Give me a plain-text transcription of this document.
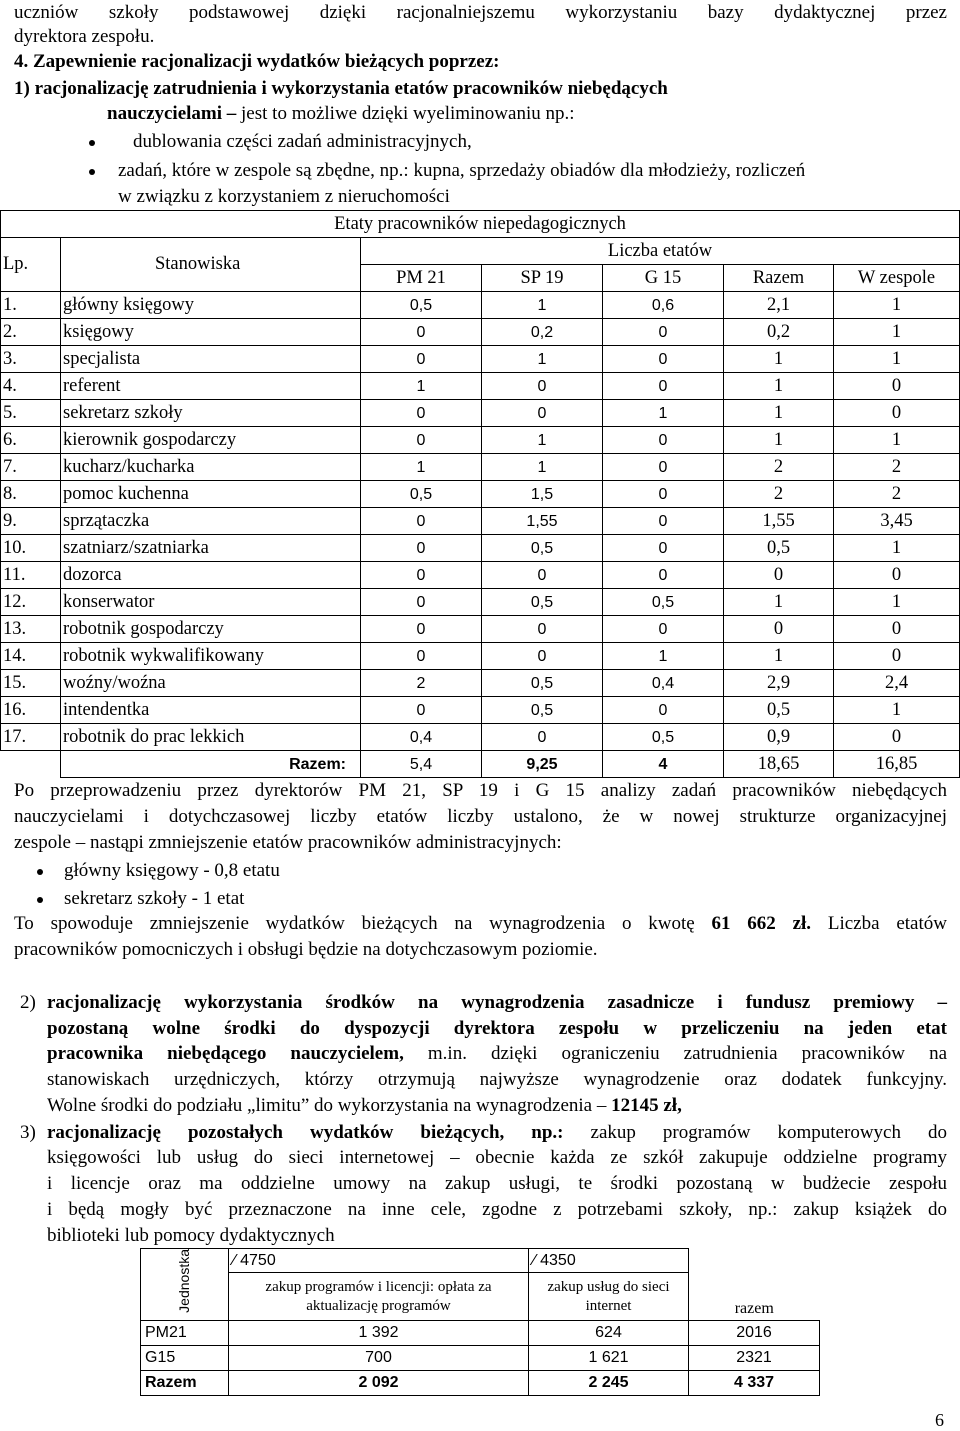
uczniów szkoły podstawowej dzięki racjonalniejszemu wykorzystaniu bazy dydaktycznej przez
dyrektora zespołu.
4. Zapewnienie racjonalizacji wydatków bieżących poprzez:
1) racjonalizację zatrudnienia i wykorzystania etatów pracowników niebędących
nauczycielami – jest to możliwe dzięki wyeliminowaniu np.:
dublowania części zadań administracyjnych,
zadań, które w zespole są zbędne, np.: kupna, sprzedaży obiadów dla młodzieży, rozliczeń
w związku z korzystaniem z nieruchomości
Etaty pracowników niepedagogicznych						
Lp.	Stanowiska	Liczba etatów				
		PM 21	SP 19	G 15	Razem	W zespole
1.	główny księgowy	0,5	1	0,6	2,1	1
2.	księgowy	0	0,2	0	0,2	1
3.	specjalista	0	1	0	1	1
4.	referent	1	0	0	1	0
5.	sekretarz szkoły	0	0	1	1	0
6.	kierownik gospodarczy	0	1	0	1	1
7.	kucharz/kucharka	1	1	0	2	2
8.	pomoc kuchenna	0,5	1,5	0	2	2
9.	sprzątaczka	0	1,55	0	1,55	3,45
10.	szatniarz/szatniarka	0	0,5	0	0,5	1
11.	dozorca	0	0	0	0	0
12.	konserwator	0	0,5	0,5	1	1
13.	robotnik gospodarczy	0	0	0	0	0
14.	robotnik wykwalifikowany	0	0	1	1	0
15.	woźny/woźna	2	0,5	0,4	2,9	2,4
16.	intendentka	0	0,5	0	0,5	1
17.	robotnik do prac lekkich	0,4	0	0,5	0,9	0
	Razem:	5,4	9,25	4	18,65	16,85
Po przeprowadzeniu przez dyrektorów PM 21, SP 19 i G 15 analizy zadań pracowników niebędących
nauczycielami i dotychczasowej liczby etatów liczby ustalono, że w nowej strukturze organizacyjnej
zespole – nastąpi zmniejszenie etatów pracowników administracyjnych:
główny księgowy - 0,8 etatu
sekretarz szkoły - 1 etat
To spowoduje zmniejszenie wydatków bieżących na wynagrodzenia o kwotę 61 662 zł. Liczba etatów
pracowników pomocniczych i obsługi będzie na dotychczasowym poziomie.
2) racjonalizację wykorzystania środków na wynagrodzenia zasadnicze i fundusz premiowy –
pozostaną wolne środki do dyspozycji dyrektora zespołu w przeliczeniu na jeden etat
pracownika niebędącego nauczycielem, m.in. dzięki ograniczeniu zatrudnienia pracowników na
stanowiskach urzędniczych, którzy otrzymują najwyższe wynagrodzenie oraz dodatek funkcyjny.
Wolne środki do podziału „limitu” do wykorzystania na wynagrodzenia – 12145 zł,
3) racjonalizację pozostałych wydatków bieżących, np.: zakup programów komputerowych do
księgowości lub usług do sieci internetowej – obecnie każda ze szkół zakupuje oddzielne programy
i licencje oraz ma oddzielne umowy na zakup usługi, te środki pozostaną w budżecie zespołu
i będą mogły być przeznaczone na inne cele, zgodne z potrzebami szkoły, np.: zakup książek do
biblioteki lub pomocy dydaktycznych
Jednostka	⁄ 4750	⁄ 4350	razem

	zakup programów i licencji: opłata za aktualizację programów	zakup usług do sieci internet	

PM21	1 392	624	2016
G15	700	1 621	2321
Razem	2 092	2 245	4 337
6
